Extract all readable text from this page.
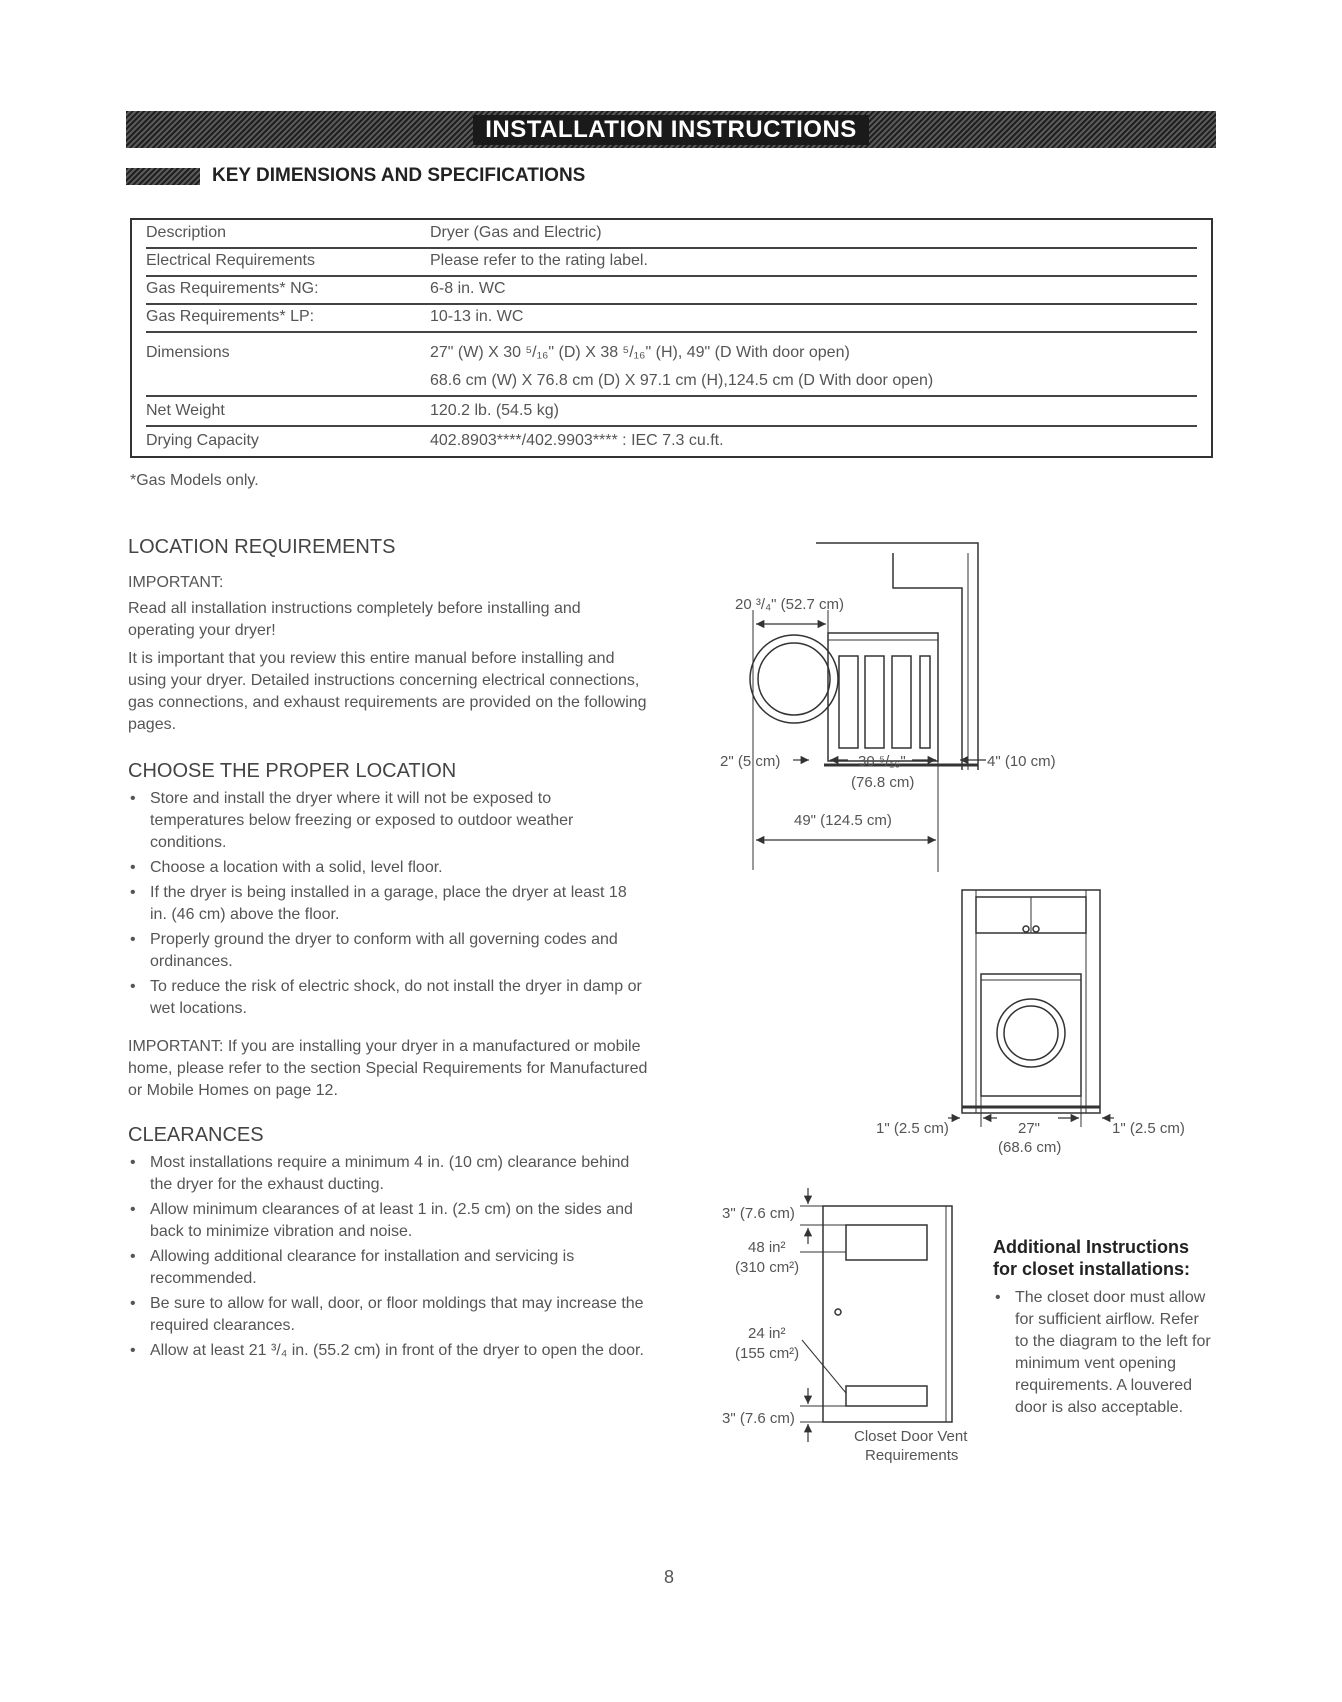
INSTALLATION INSTRUCTIONS
KEY DIMENSIONS AND SPECIFICATIONS
Description	Dryer (Gas and Electric)
Electrical Requirements	Please refer to the rating label.
Gas Requirements* NG:	6-8 in. WC
Gas Requirements* LP:	10-13 in. WC
Dimensions	27" (W) X 30 ⁵/₁₆" (D) X 38 ⁵/₁₆" (H), 49" (D With door open)
68.6 cm (W) X 76.8 cm (D) X 97.1 cm (H),124.5 cm (D With door open)
Net Weight	120.2 lb. (54.5 kg)
Drying Capacity	402.8903****/402.9903**** : IEC 7.3 cu.ft.
*Gas Models only.
LOCATION REQUIREMENTS

IMPORTANT:

Read all installation instructions completely before installing and operating your dryer!

It is important that you review this entire manual before installing and using your dryer. Detailed instructions concerning electrical connections, gas connections, and exhaust requirements are provided on the following pages.

CHOOSE THE PROPER LOCATION
• Store and install the dryer where it will not be exposed to temperatures below freezing or exposed to outdoor weather conditions.
• Choose a location with a solid, level floor.
• If the dryer is being installed in a garage, place the dryer at least 18 in. (46 cm) above the floor.
• Properly ground the dryer to conform with all governing codes and ordinances.
• To reduce the risk of electric shock, do not install the dryer in damp or wet locations.

IMPORTANT: If you are installing your dryer in a manufactured or mobile home, please refer to the section Special Requirements for Manufactured or Mobile Homes on page 12.

CLEARANCES
• Most installations require a minimum 4 in. (10 cm) clearance behind the dryer for the exhaust ducting.
• Allow minimum clearances of at least 1 in. (2.5 cm) on the sides and back to minimize vibration and noise.
• Allowing additional clearance for installation and servicing is recommended.
• Be sure to allow for wall, door, or floor moldings that may increase the required clearances.
• Allow at least 21 ³/₄ in. (55.2 cm) in front of the dryer to open the door.
20 ³/₄" (52.7 cm)
2" (5 cm)	30 ⁵/₁₆"
(76.8 cm)
4" (10 cm)
49" (124.5 cm)
1" (2.5 cm)	27"
(68.6 cm)
1" (2.5 cm)
3" (7.6 cm)
48 in²
(310 cm²)
24 in²
(155 cm²)
3" (7.6 cm)
Closet Door Vent
Requirements
Additional Instructions for closet installations:
• The closet door must allow for sufficient airflow. Refer to the diagram to the left for minimum vent opening requirements. A louvered door is also acceptable.
8
